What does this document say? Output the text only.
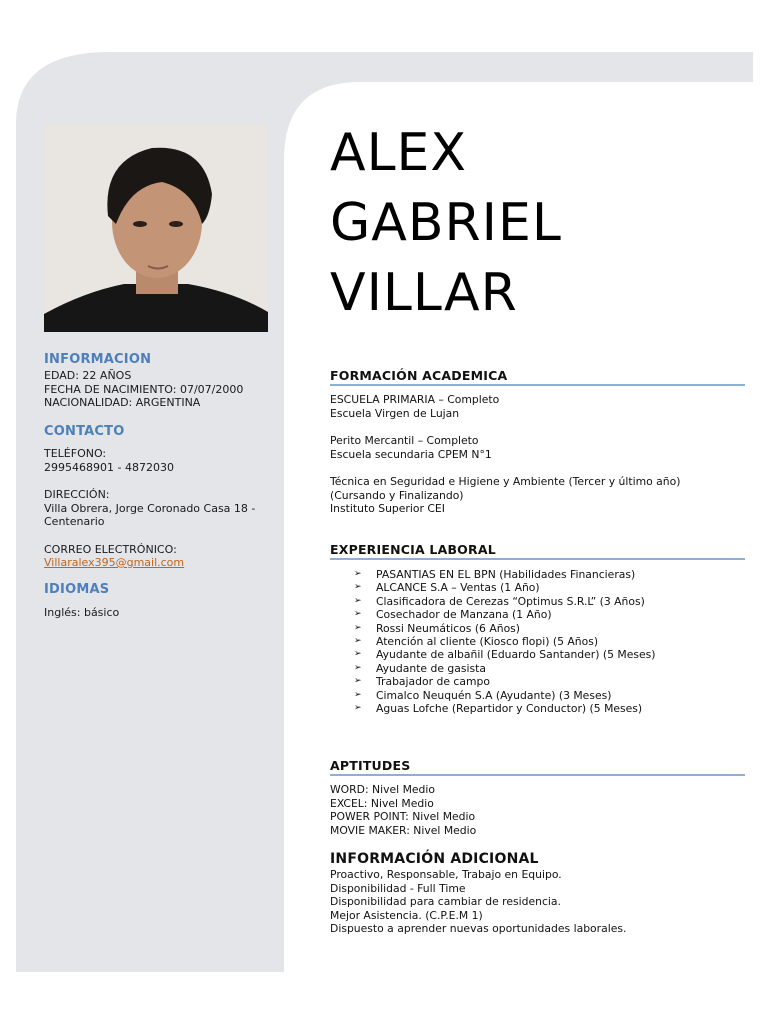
INFORMACION

EDAD: 22 AÑOS

FECHA DE NACIMIENTO: 07/07/2000

NACIONALIDAD: ARGENTINA

CONTACTO

TELÉFONO:

2995468901 - 4872030

DIRECCIÓN:

Villa Obrera, Jorge Coronado Casa 18 -

Centenario

CORREO ELECTRÓNICO:

Villaralex395@gmail.com

IDIOMAS

Inglés: básico

ALEX
GABRIEL
VILLAR
FORMACIÓN ACADEMICA

ESCUELA PRIMARIA – Completo

Escuela Virgen de Lujan

Perito Mercantil – Completo

Escuela secundaria CPEM N°1

Técnica en Seguridad e Higiene y Ambiente (Tercer y último año)

(Cursando y Finalizando)

Instituto Superior CEI

EXPERIENCIA LABORAL
➢ PASANTIAS EN EL BPN (Habilidades Financieras)
➢ ALCANCE S.A – Ventas (1 Año)
➢ Clasificadora de Cerezas “Optimus S.R.L” (3 Años)
➢ Cosechador de Manzana (1 Año)
➢ Rossi Neumáticos (6 Años)
➢ Atención al cliente (Kiosco flopi) (5 Años)
➢ Ayudante de albañil (Eduardo Santander) (5 Meses)
➢ Ayudante de gasista
➢ Trabajador de campo
➢ Cimalco Neuquén S.A (Ayudante) (3 Meses)
➢ Aguas Lofche (Repartidor y Conductor) (5 Meses)
APTITUDES

WORD: Nivel Medio

EXCEL: Nivel Medio

POWER POINT: Nivel Medio

MOVIE MAKER: Nivel Medio

INFORMACIÓN ADICIONAL

Proactivo, Responsable, Trabajo en Equipo.

Disponibilidad - Full Time

Disponibilidad para cambiar de residencia.

Mejor Asistencia. (C.P.E.M 1)

Dispuesto a aprender nuevas oportunidades laborales.
